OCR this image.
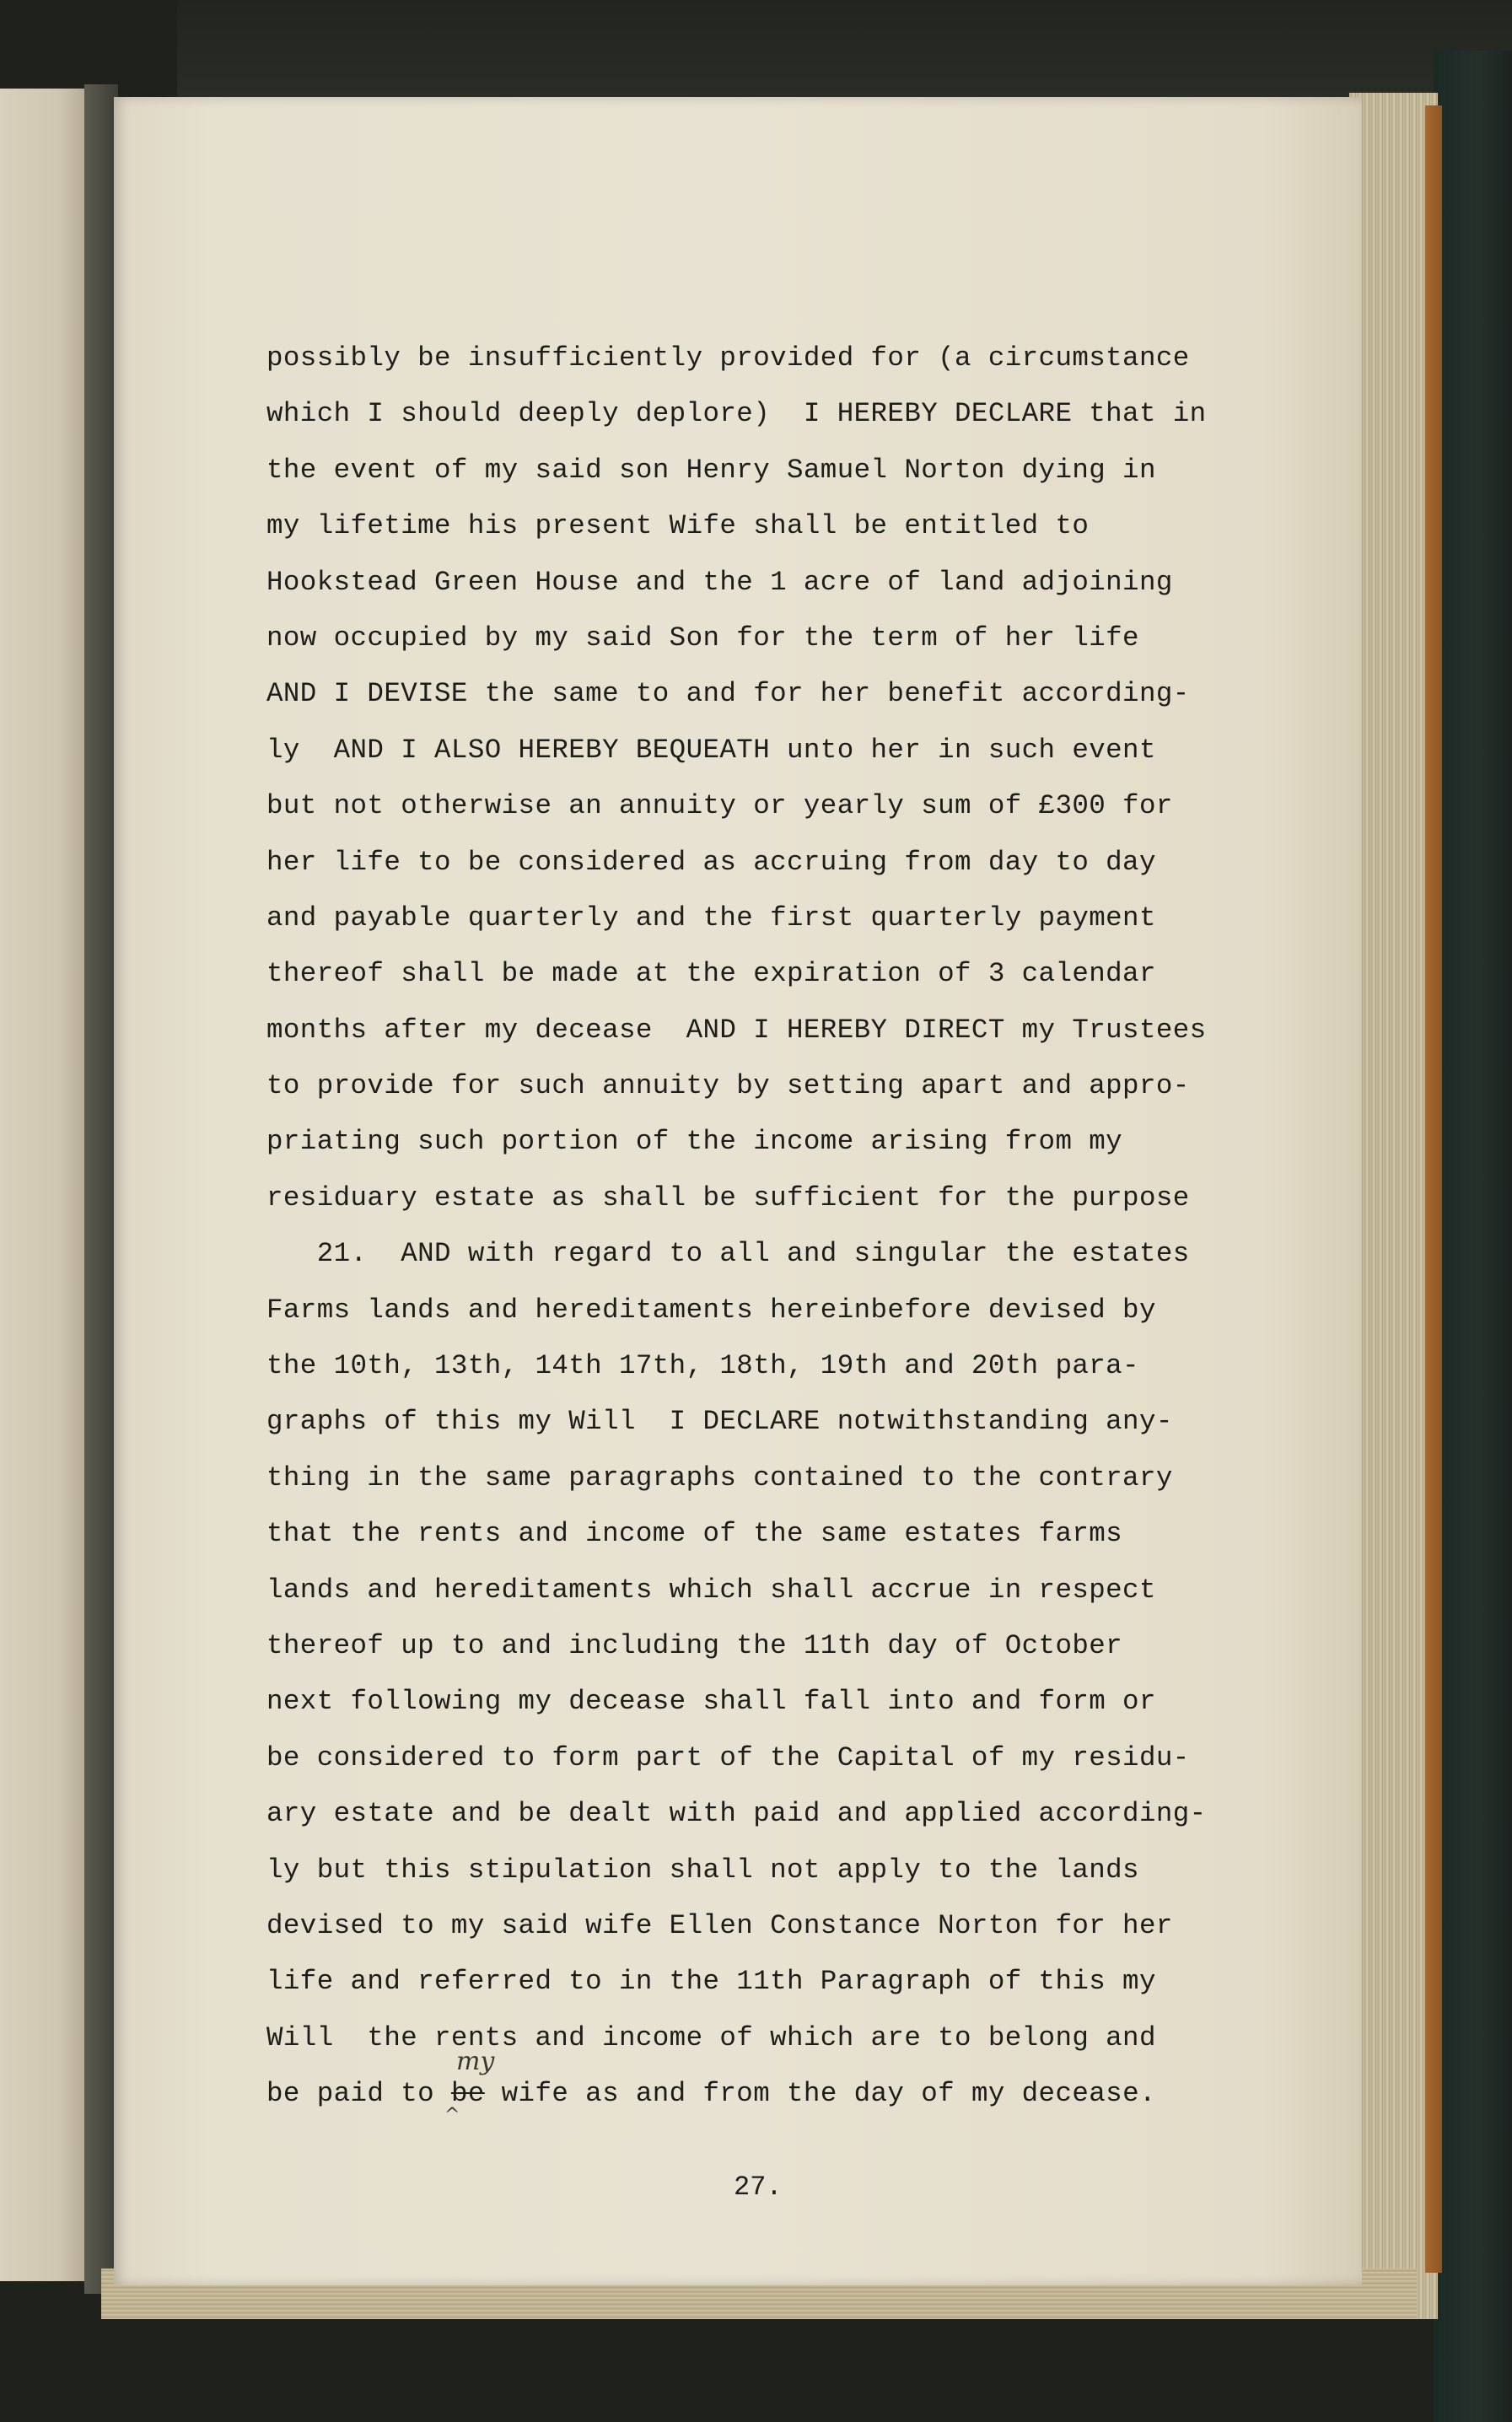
possibly be insufficiently provided for (a circumstance
which I should deeply deplore)  I HEREBY DECLARE that in
the event of my said son Henry Samuel Norton dying in
my lifetime his present Wife shall be entitled to
Hookstead Green House and the 1 acre of land adjoining
now occupied by my said Son for the term of her life
AND I DEVISE the same to and for her benefit according-
ly  AND I ALSO HEREBY BEQUEATH unto her in such event
but not otherwise an annuity or yearly sum of £300 for
her life to be considered as accruing from day to day
and payable quarterly and the first quarterly payment
thereof shall be made at the expiration of 3 calendar
months after my decease  AND I HEREBY DIRECT my Trustees
to provide for such annuity by setting apart and appro-
priating such portion of the income arising from my
residuary estate as shall be sufficient for the purpose
21.  AND with regard to all and singular the estates
Farms lands and hereditaments hereinbefore devised by
the 10th, 13th, 14th 17th, 18th, 19th and 20th para-
graphs of this my Will  I DECLARE notwithstanding any-
thing in the same paragraphs contained to the contrary
that the rents and income of the same estates farms
lands and hereditaments which shall accrue in respect
thereof up to and including the 11th day of October
next following my decease shall fall into and form or
be considered to form part of the Capital of my residu-
ary estate and be dealt with paid and applied according-
ly but this stipulation shall not apply to the lands
devised to my said wife Ellen Constance Norton for her
life and referred to in the 11th Paragraph of this my
Will  the rents and income of which are to belong and
be paid to
my
^
be wife as and from the day of my decease.
27.
